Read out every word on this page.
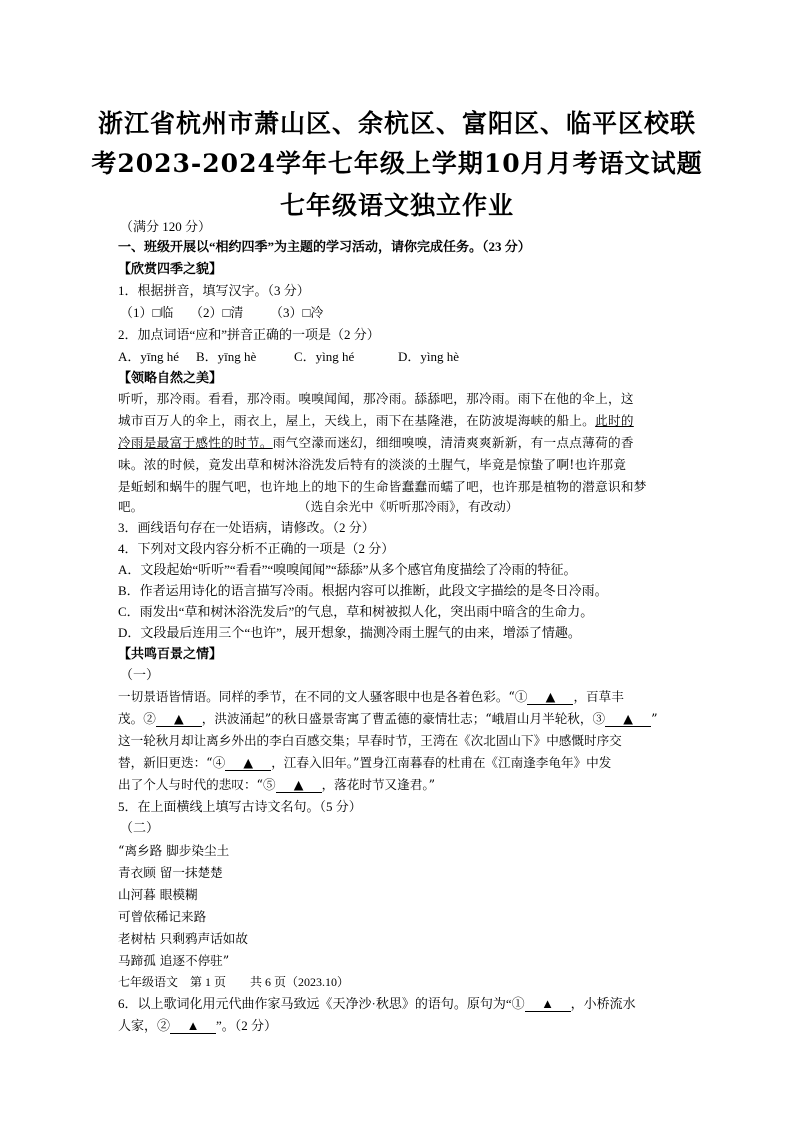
浙江省杭州市萧山区、余杭区、富阳区、临平区校联
考2023-2024学年七年级上学期10月月考语文试题
七年级语文独立作业
（满分 120 分）
一、班级开展以“相约四季”为主题的学习活动，请你完成任务。（23 分）
【欣赏四季之貌】
1．根据拼音，填写汉字。（3 分）
（1）□临 （2）□清 （3）□冷
2．加点词语“应和”拼音正确的一项是（2 分）
A．yīng hé B．yīng hè	C．yìng hé	D．yìng hè
【领略自然之美】
听听，那冷雨。看看，那冷雨。嗅嗅闻闻，那冷雨。舔舔吧，那冷雨。雨下在他的伞上，这
城市百万人的伞上，雨衣上，屋上，天线上，雨下在基隆港，在防波堤海峡的船上。此时的
冷雨是最富于感性的时节。雨气空濛而迷幻，细细嗅嗅，清清爽爽新新，有一点点薄荷的香
味。浓的时候，竟发出草和树沐浴洗发后特有的淡淡的土腥气，毕竟是惊蛰了啊!也许那竟
是蚯蚓和蜗牛的腥气吧，也许地上的地下的生命皆蠢蠢而蠕了吧，也许那是植物的潜意识和梦
吧。	（选自余光中《听听那冷雨》，有改动）
3．画线语句存在一处语病，请修改。（2 分）
4．下列对文段内容分析不正确的一项是（2 分）
A．文段起始“听听”“看看”“嗅嗅闻闻”“舔舔”从多个感官角度描绘了冷雨的特征。
B．作者运用诗化的语言描写冷雨。根据内容可以推断，此段文字描绘的是冬日冷雨。
C．雨发出“草和树沐浴洗发后”的气息，草和树被拟人化，突出雨中暗含的生命力。
D．文段最后连用三个“也许”，展开想象，揣测冷雨土腥气的由来，增添了情趣。
【共鸣百景之情】
（一）
一切景语皆情语。同样的季节，在不同的文人骚客眼中也是各着色彩。“① ▲ ，百草丰
茂。② ▲ ，洪波涌起”的秋日盛景寄寓了曹孟德的豪情壮志；“峨眉山月半轮秋，③ ▲ ”
这一轮秋月却让离乡外出的李白百感交集；早春时节，王湾在《次北固山下》中感慨时序交
替，新旧更迭：“④ ▲ ，江春入旧年。”置身江南暮春的杜甫在《江南逢李龟年》中发
出了个人与时代的悲叹：“⑤ ▲ ，落花时节又逢君。”
5．在上面横线上填写古诗文名句。（5 分）
（二）
“离乡路 脚步染尘土
青衣顾 留一抹楚楚
山河暮 眼模糊
可曾依稀记来路
老树枯 只剩鸦声话如故
马蹄孤 追逐不停驻”
七年级语文　第 1 页　　共 6 页（2023.10）
6．以上歌词化用元代曲作家马致远《天净沙·秋思》的语句。原句为“① ▲ ，小桥流水
人家，② ▲ ”。（2 分）
